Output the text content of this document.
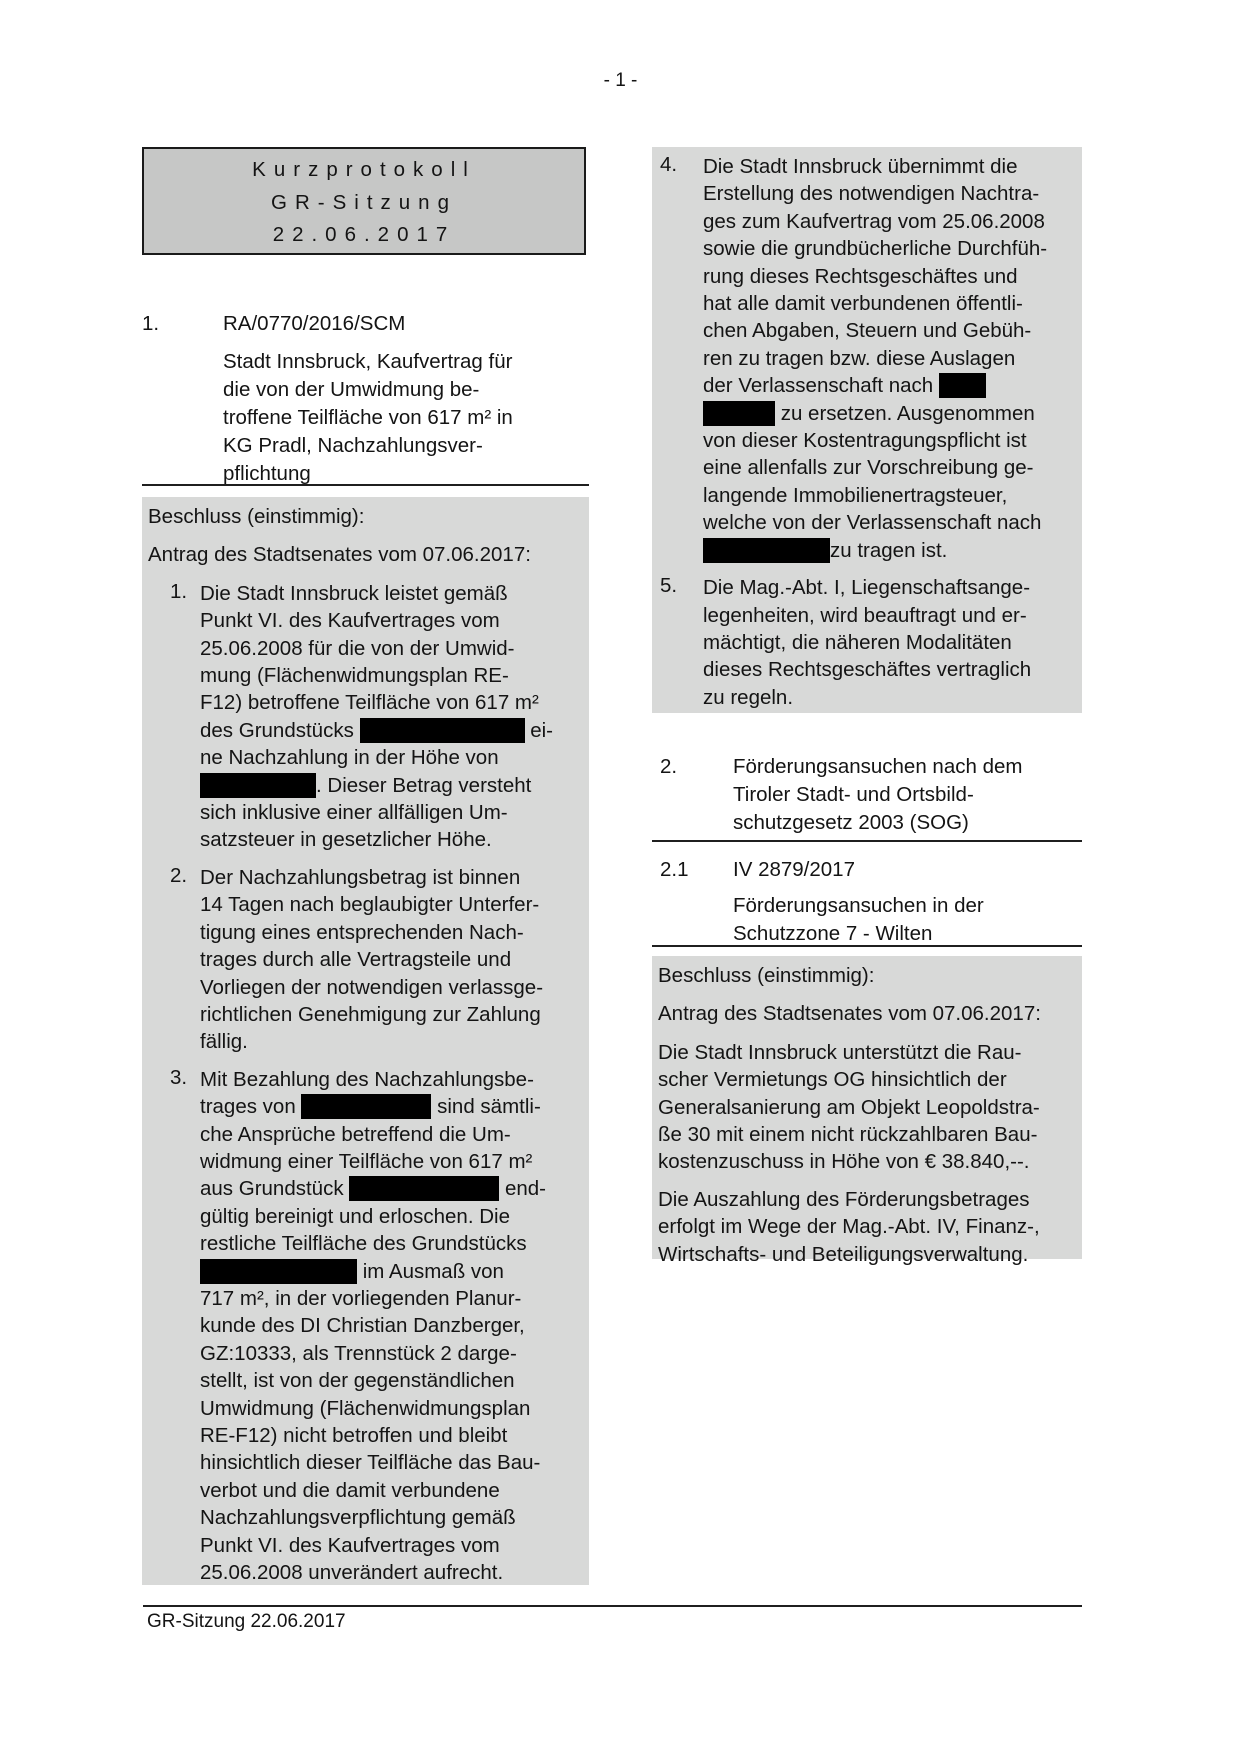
- 1 -
Kurzprotokoll
GR-Sitzung
22.06.2017
1.	RA/0770/2016/SCM
Stadt Innsbruck, Kaufvertrag für
die von der Umwidmung be-
troffene Teilfläche von 617 m² in
KG Pradl, Nachzahlungsver-
pflichtung
Beschluss (einstimmig):
Antrag des Stadtsenates vom 07.06.2017:
1. Die Stadt Innsbruck leistet gemäß
Punkt VI. des Kaufvertrages vom
25.06.2008 für die von der Umwid-
mung (Flächenwidmungsplan RE-
F12) betroffene Teilfläche von 617 m²
des Grundstücks	ei-
ne Nachzahlung in der Höhe von
. Dieser Betrag versteht
sich inklusive einer allfälligen Um-
satzsteuer in gesetzlicher Höhe.
2. Der Nachzahlungsbetrag ist binnen
14 Tagen nach beglaubigter Unterfer-
tigung eines entsprechenden Nach-
trages durch alle Vertragsteile und
Vorliegen der notwendigen verlassge-
richtlichen Genehmigung zur Zahlung
fällig.
3. Mit Bezahlung des Nachzahlungsbe-
trages von	sind sämtli-
che Ansprüche betreffend die Um-
widmung einer Teilfläche von 617 m²
aus Grundstück	end-
gültig bereinigt und erloschen. Die
restliche Teilfläche des Grundstücks
im Ausmaß von
717 m², in der vorliegenden Planur-
kunde des DI Christian Danzberger,
GZ:10333, als Trennstück 2 darge-
stellt, ist von der gegenständlichen
Umwidmung (Flächenwidmungsplan
RE-F12) nicht betroffen und bleibt
hinsichtlich dieser Teilfläche das Bau-
verbot und die damit verbundene
Nachzahlungsverpflichtung gemäß
Punkt VI. des Kaufvertrages vom
25.06.2008 unverändert aufrecht.
4. Die Stadt Innsbruck übernimmt die
Erstellung des notwendigen Nachtra-
ges zum Kaufvertrag vom 25.06.2008
sowie die grundbücherliche Durchfüh-
rung dieses Rechtsgeschäftes und
hat alle damit verbundenen öffentli-
chen Abgaben, Steuern und Gebüh-
ren zu tragen bzw. diese Auslagen
der Verlassenschaft nach
zu ersetzen. Ausgenommen
von dieser Kostentragungspflicht ist
eine allenfalls zur Vorschreibung ge-
langende Immobilienertragsteuer,
welche von der Verlassenschaft nach
zu tragen ist.
5. Die Mag.-Abt. I, Liegenschaftsange-
legenheiten, wird beauftragt und er-
mächtigt, die näheren Modalitäten
dieses Rechtsgeschäftes vertraglich
zu regeln.
2.	Förderungsansuchen nach dem
Tiroler Stadt- und Ortsbild-
schutzgesetz 2003 (SOG)
2.1 IV 2879/2017
Förderungsansuchen in der
Schutzzone 7 - Wilten
Beschluss (einstimmig):
Antrag des Stadtsenates vom 07.06.2017:
Die Stadt Innsbruck unterstützt die Rau-
scher Vermietungs OG hinsichtlich der
Generalsanierung am Objekt Leopoldstra-
ße 30 mit einem nicht rückzahlbaren Bau-
kostenzuschuss in Höhe von € 38.840,--.
Die Auszahlung des Förderungsbetrages
erfolgt im Wege der Mag.-Abt. IV, Finanz-,
Wirtschafts- und Beteiligungsverwaltung.
GR-Sitzung 22.06.2017
